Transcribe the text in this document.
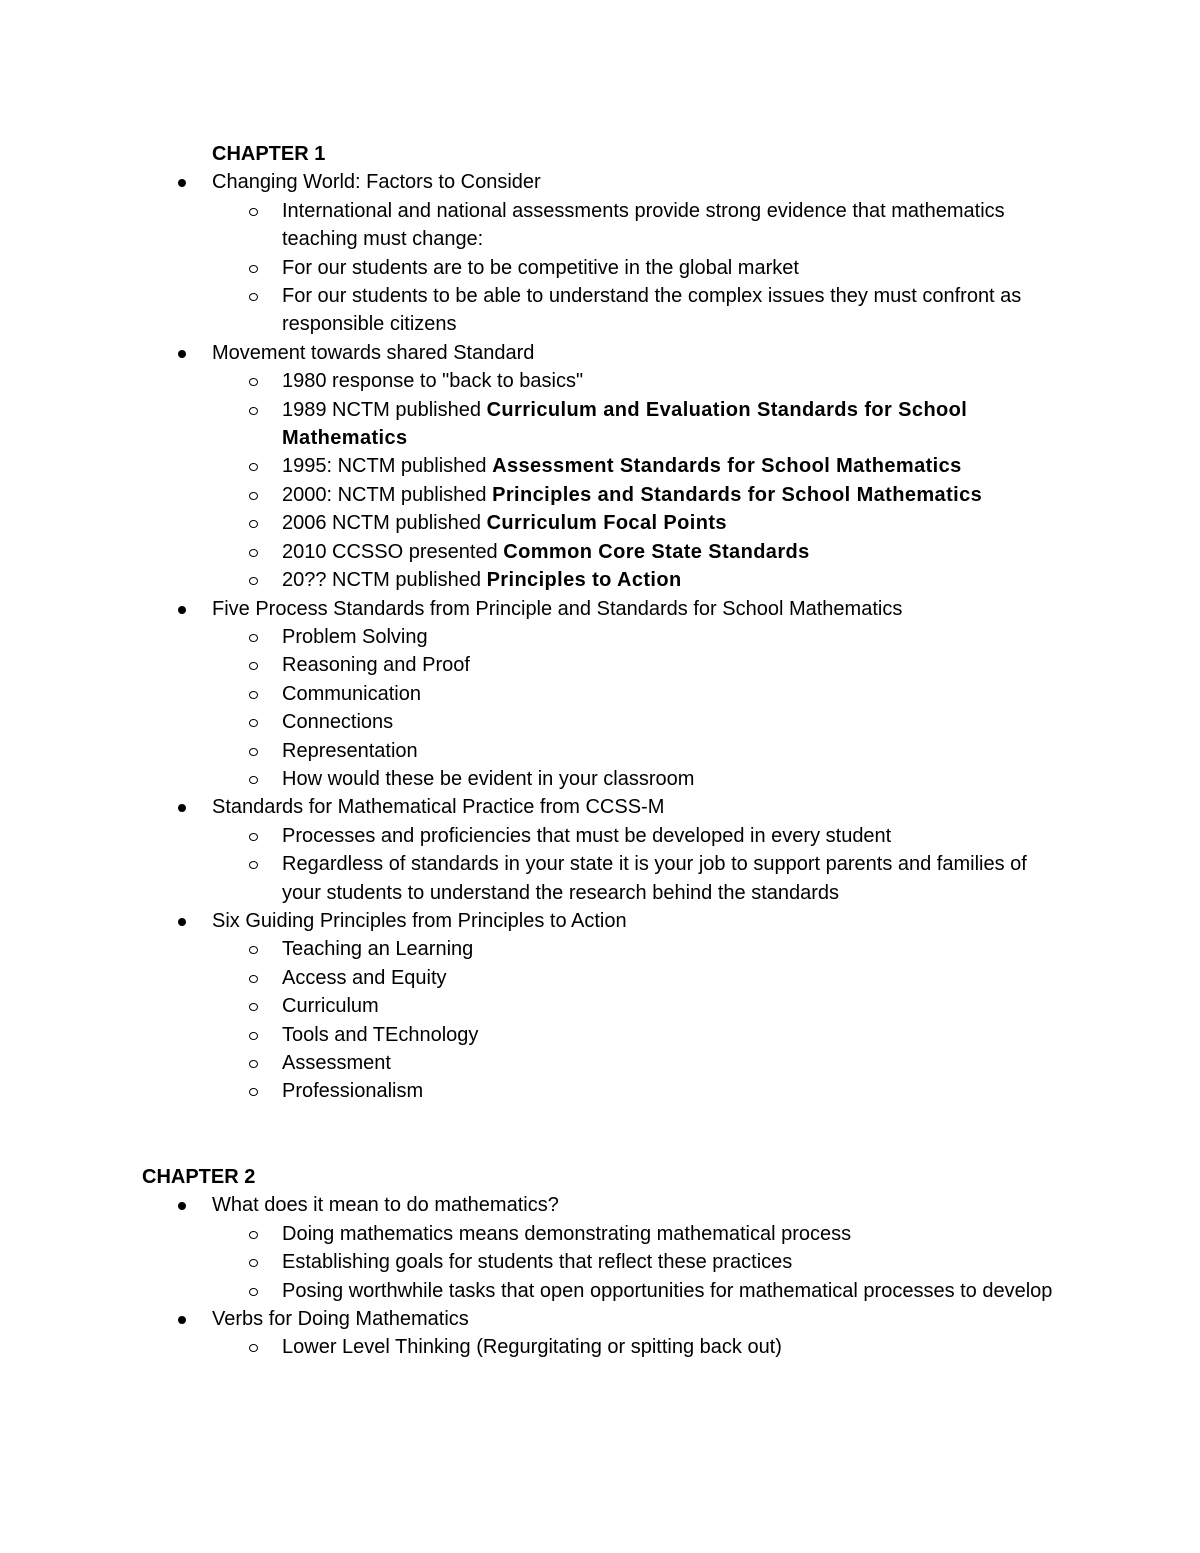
CHAPTER 1
Changing World: Factors to Consider
International and national assessments provide strong evidence that mathematics teaching must change:
For our students are to be competitive in the global market
For our students to be able to understand the complex issues they must confront as responsible citizens
Movement towards shared Standard
1980 response to "back to basics"
1989 NCTM published Curriculum and Evaluation Standards for School Mathematics
1995: NCTM published Assessment Standards for School Mathematics
2000: NCTM published Principles and Standards for School Mathematics
2006 NCTM published Curriculum Focal Points
2010 CCSSO presented Common Core State Standards
20?? NCTM published Principles to Action
Five Process Standards from Principle and Standards for School Mathematics
Problem Solving
Reasoning and Proof
Communication
Connections
Representation
How would these be evident in your classroom
Standards for Mathematical Practice from CCSS-M
Processes and proficiencies that must be developed in every student
Regardless of standards in your state it is your job to support parents and families of your students to understand the research behind the standards
Six Guiding Principles from Principles to Action
Teaching an Learning
Access and Equity
Curriculum
Tools and TEchnology
Assessment
Professionalism
CHAPTER 2
What does it mean to do mathematics?
Doing mathematics means demonstrating mathematical process
Establishing goals for students that reflect these practices
Posing worthwhile tasks that open opportunities for mathematical processes to develop
Verbs for Doing Mathematics
Lower Level Thinking (Regurgitating or spitting back out)
